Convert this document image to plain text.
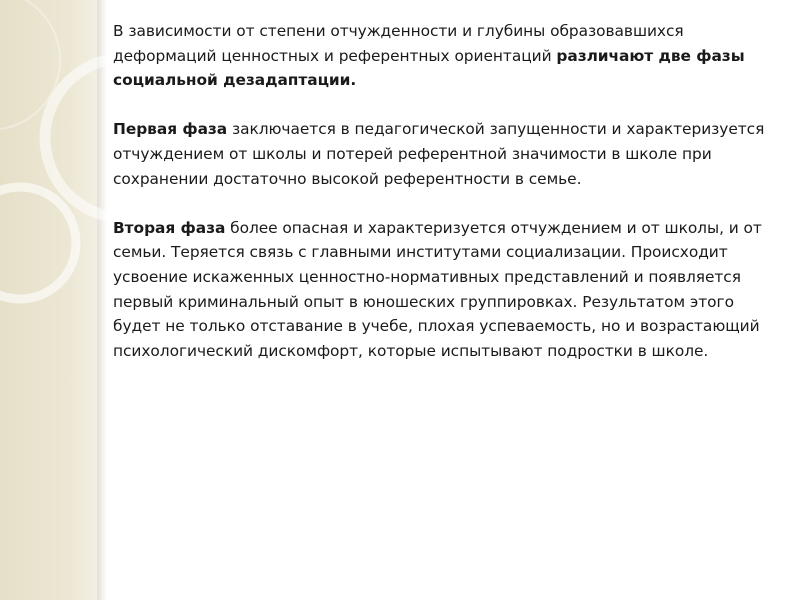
В зависимости от степени отчужденности и глубины образовавшихся деформаций ценностных и референтных ориентаций различают две фазы социальной дезадаптации.

Первая фаза заключается в педагогической запущенности и характеризуется отчуждением от школы и потерей референтной значимости в школе при сохранении достаточно высокой референтности в семье.

Вторая фаза более опасная и характеризуется отчуждением и от школы, и от семьи. Теряется связь с главными институтами социализации. Происходит усвоение искаженных ценностно-нормативных представлений и появляется первый криминальный опыт в юношеских группировках. Результатом этого будет не только отставание в учебе, плохая успеваемость, но и возрастающий психологический дискомфорт, которые испытывают подростки в школе.
